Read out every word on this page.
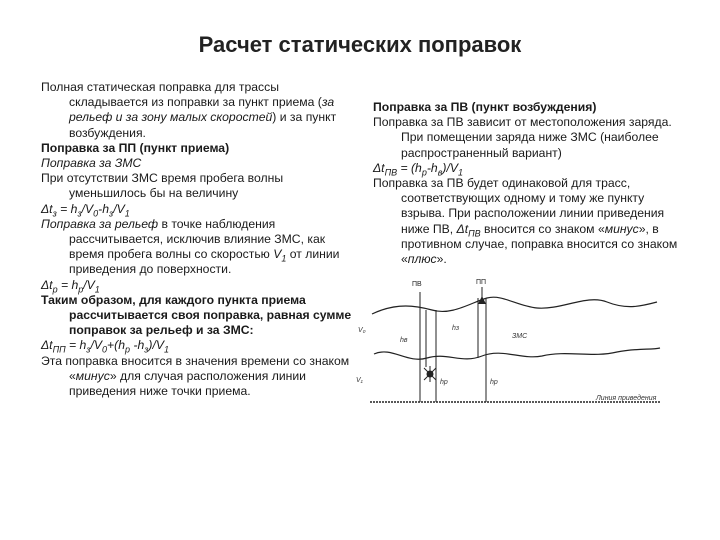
Расчет статических поправок
Полная статическая поправка для трассы складывается из поправки за пункт приема (за рельеф и за зону малых скоростей) и за пункт возбуждения.
Поправка за ПП (пункт приема)
Поправка за ЗМС
При отсутствии ЗМС время пробега волны уменьшилось бы на величину
$\Delta t_з = h_з/V_0-h_з/V_1$
Поправка за рельеф в точке наблюдения рассчитывается, исключив влияние ЗМС, как время пробега волны со скоростью $V_1$ от линии приведения до поверхности.
$\Delta t_р = h_р/V_1$
Таким образом, для каждого пункта приема рассчитывается своя поправка, равная сумме поправок за рельеф и за ЗМС:
$\Delta t_{ПП} = h_з/V_0+(h_р$ $-h_з)/V_1$
Эта поправка вносится в значения времени со знаком «минус» для случая расположения линии приведения ниже точки приема.
Поправка за ПВ (пункт возбуждения)
Поправка за ПВ зависит от местоположения заряда. При помещении заряда ниже ЗМС (наиболее распространенный вариант)
$\Delta t_{ПВ} = (h_р-h_в)/V_1$
Поправка за ПВ будет одинаковой для трасс, соответствующих одному и тому же пункту взрыва. При расположении линии приведения ниже ПВ, $\Delta t_{ПВ}$ вносится со знаком «минус», в противном случае, поправка вносится со знаком «плюс».
ПВ	ПП
V₀
V₁
hв
hз
hр	hр
ЗМС
Линия приведения
